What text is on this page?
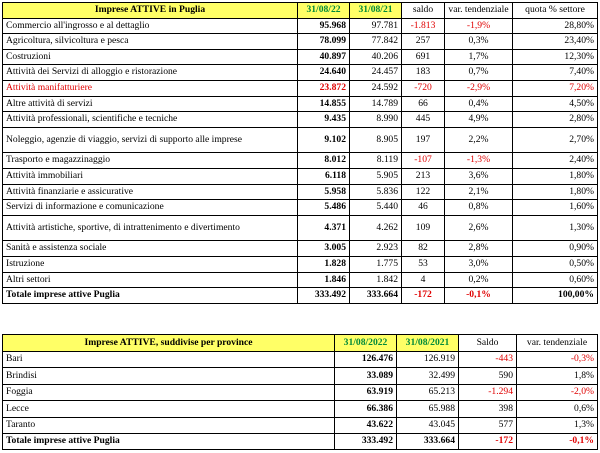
Imprese ATTIVE in Puglia	31/08/22	31/08/21	saldo	var. tendenziale	quota % settore
Commercio all'ingrosso e al dettaglio	95.968	97.781	-1.813	-1,9%	28,80%
Agricoltura, silvicoltura e pesca	78.099	77.842	257	0,3%	23,40%
Costruzioni	40.897	40.206	691	1,7%	12,30%
Attività dei Servizi di alloggio e ristorazione	24.640	24.457	183	0,7%	7,40%
Attività manifatturiere	23.872	24.592	-720	-2,9%	7,20%
Altre attività di servizi	14.855	14.789	66	0,4%	4,50%
Attività professionali, scientifiche e tecniche	9.435	8.990	445	4,9%	2,80%
Noleggio, agenzie di viaggio, servizi di supporto alle imprese	9.102	8.905	197	2,2%	2,70%
Trasporto e magazzinaggio	8.012	8.119	-107	-1,3%	2,40%
Attività immobiliari	6.118	5.905	213	3,6%	1,80%
Attività finanziarie e assicurative	5.958	5.836	122	2,1%	1,80%
Servizi di informazione e comunicazione	5.486	5.440	46	0,8%	1,60%
Attività artistiche, sportive, di intrattenimento e divertimento	4.371	4.262	109	2,6%	1,30%
Sanità e assistenza sociale	3.005	2.923	82	2,8%	0,90%
Istruzione	1.828	1.775	53	3,0%	0,50%
Altri settori	1.846	1.842	4	0,2%	0,60%
Totale imprese attive Puglia	333.492	333.664	-172	-0,1%	100,00%
Imprese ATTIVE, suddivise per province	31/08/2022	31/08/2021	Saldo	var. tendenziale
Bari	126.476	126.919	-443	-0,3%
Brindisi	33.089	32.499	590	1,8%
Foggia	63.919	65.213	-1.294	-2,0%
Lecce	66.386	65.988	398	0,6%
Taranto	43.622	43.045	577	1,3%
Totale imprese attive Puglia	333.492	333.664	-172	-0,1%
